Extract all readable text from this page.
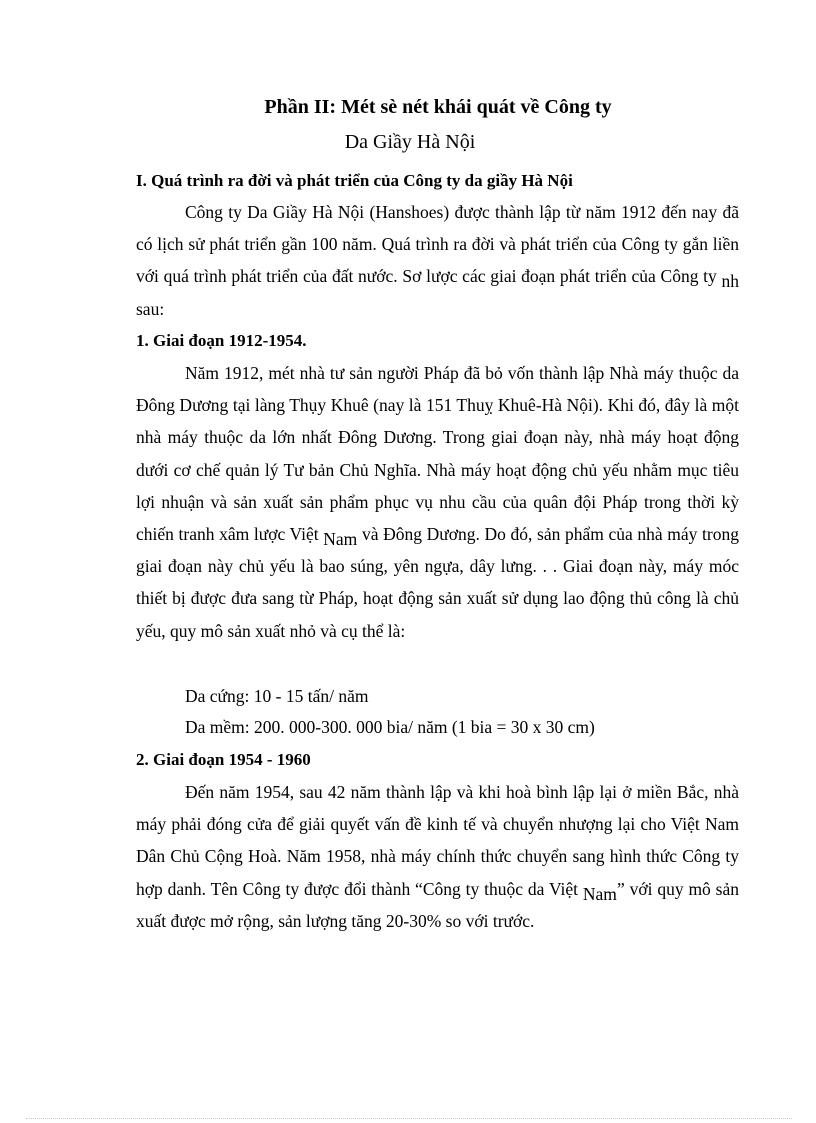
Phần II: Mét sè nét khái quát về Công ty
Da Giầy Hà Nội
I. Quá trình ra đời và phát triển của Công ty da giầy Hà Nội

Công ty Da Giầy Hà Nội (Hanshoes) được thành lập từ năm 1912 đến nay đã có lịch sử phát triển gần 100 năm. Quá trình ra đời và phát triển của Công ty gắn liền với quá trình phát triển của đất nước. Sơ lược các giai đoạn phát triển của Công ty nh sau:

1. Giai đoạn 1912-1954.

Năm 1912, mét nhà tư sản người Pháp đã bỏ vốn thành lập Nhà máy thuộc da Đông Dương tại làng Thụy Khuê (nay là 151 Thuỵ Khuê-Hà Nội). Khi đó, đây là một nhà máy thuộc da lớn nhất Đông Dương. Trong giai đoạn này, nhà máy hoạt động dưới cơ chế quản lý Tư bản Chủ Nghĩa. Nhà máy hoạt động chủ yếu nhằm mục tiêu lợi nhuận và sản xuất sản phẩm phục vụ nhu cầu của quân đội Pháp trong thời kỳ chiến tranh xâm lược Việt Nam và Đông Dương. Do đó, sản phẩm của nhà máy trong giai đoạn này chủ yếu là bao súng, yên ngựa, dây lưng. . . Giai đoạn này, máy móc thiết bị được đưa sang từ Pháp, hoạt động sản xuất sử dụng lao động thủ công là chủ yếu, quy mô sản xuất nhỏ và cụ thể là:

Da cứng: 10 - 15 tấn/ năm
Da mềm: 200. 000-300. 000 bia/ năm (1 bia = 30 x 30 cm)
2. Giai đoạn 1954 - 1960

Đến năm 1954, sau 42 năm thành lập và khi hoà bình lập lại ở miền Bắc, nhà máy phải đóng cửa để giải quyết vấn đề kinh tế và chuyển nhượng lại cho Việt Nam Dân Chủ Cộng Hoà. Năm 1958, nhà máy chính thức chuyển sang hình thức Công ty hợp danh. Tên Công ty được đổi thành “Công ty thuộc da Việt Nam” với quy mô sản xuất được mở rộng, sản lượng tăng 20-30% so với trước.
